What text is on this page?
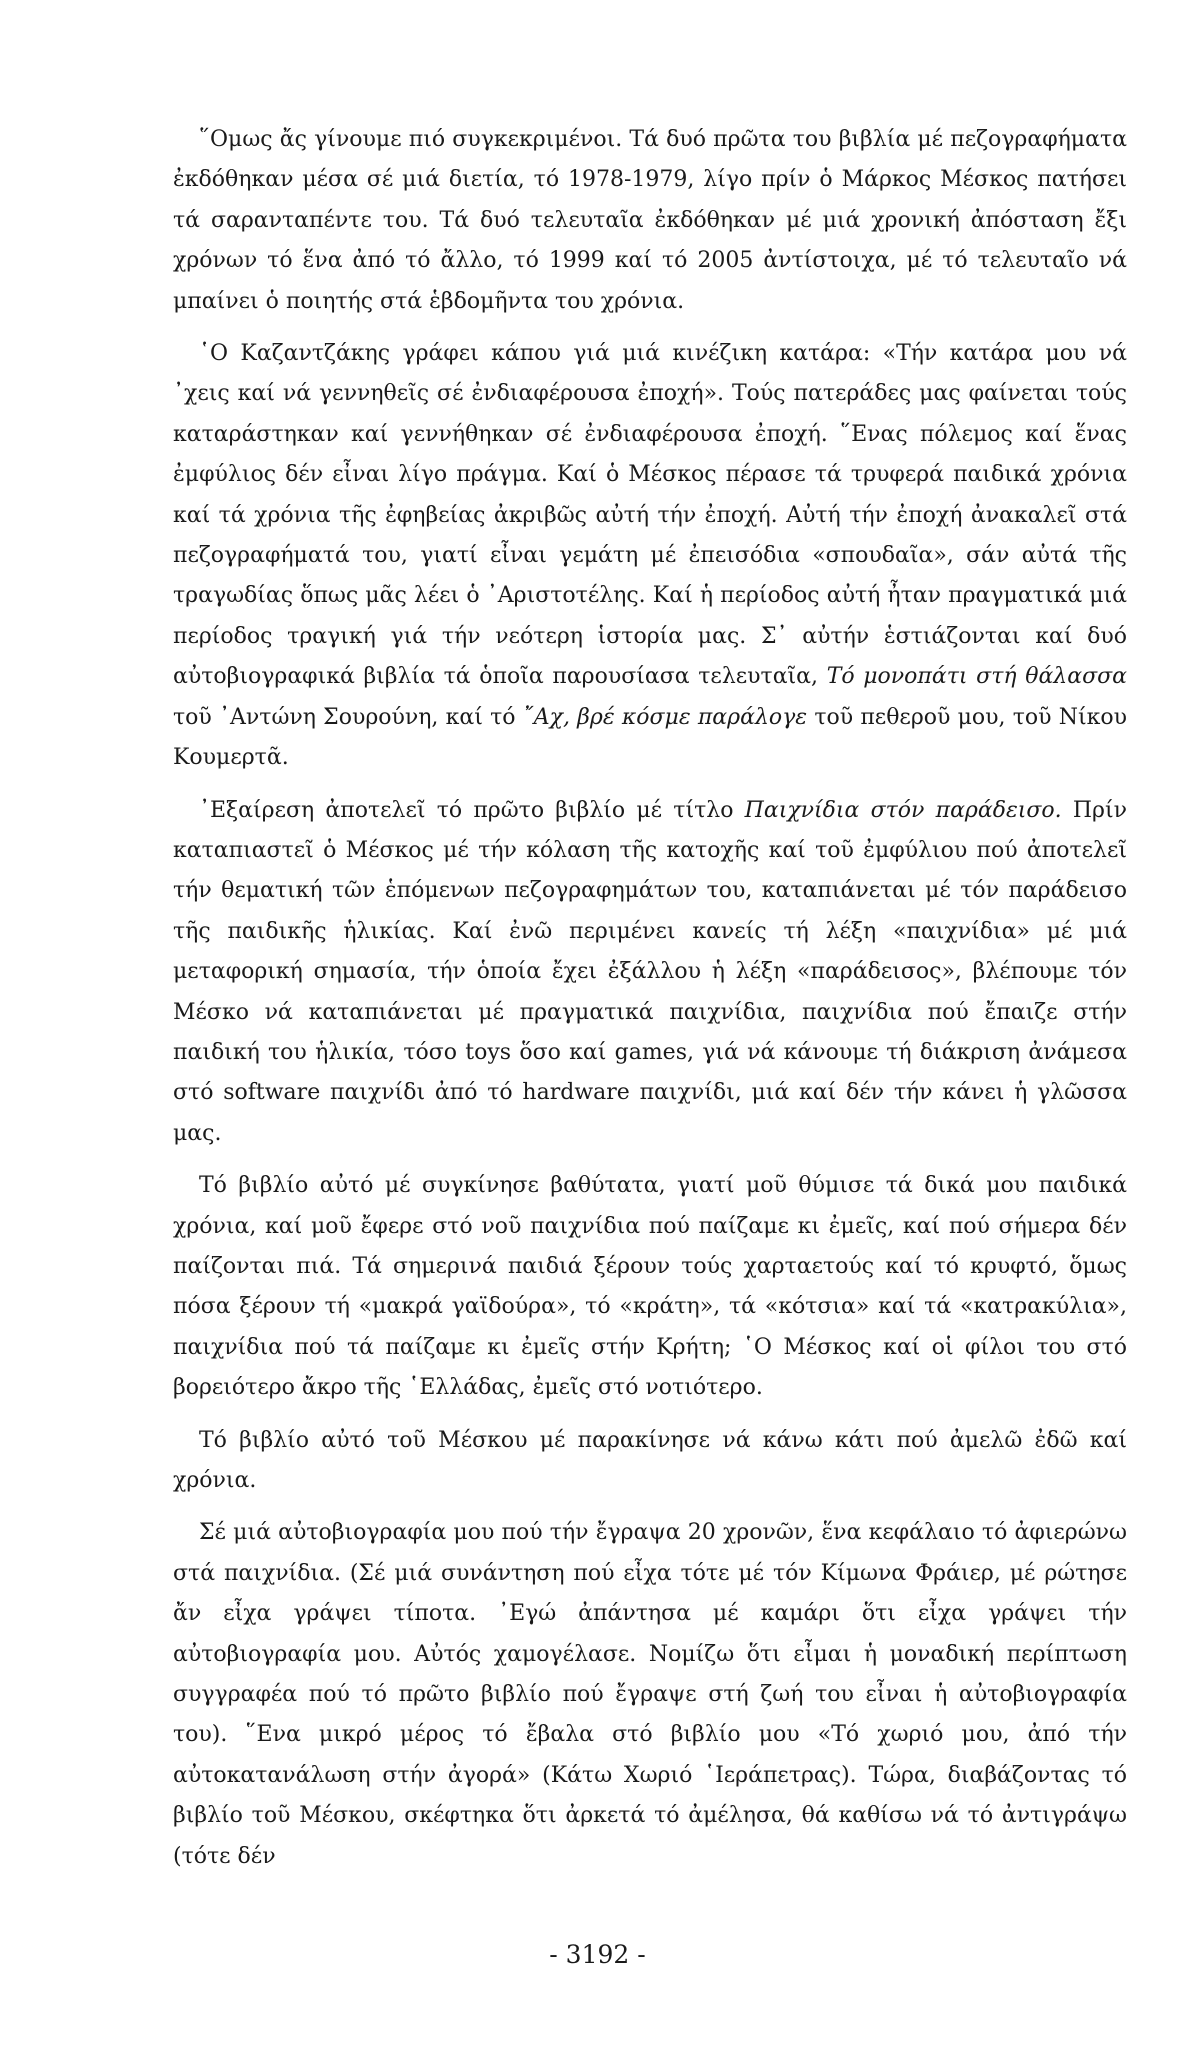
῞Ομως ἄς γίνουμε πιό συγκεκριμένοι. Τά δυό πρῶτα του βιβλία μέ πεζογραφήματα ἐκδόθηκαν μέσα σέ μιά διετία, τό 1978-1979, λίγο πρίν ὁ Μάρκος Μέσκος πατήσει τά σαρανταπέντε του. Τά δυό τελευταῖα ἐκδόθηκαν μέ μιά χρονική ἀπόσταση ἔξι χρόνων τό ἕνα ἀπό τό ἄλλο, τό 1999 καί τό 2005 ἀντίστοιχα, μέ τό τελευταῖο νά μπαίνει ὁ ποιητής στά ἑβδομῆντα του χρόνια.

῾Ο Καζαντζάκης γράφει κάπου γιά μιά κινέζικη κατάρα: «Τήν κατάρα μου νά ᾽χεις καί νά γεννηθεῖς σέ ἐνδιαφέρουσα ἐποχή». Τούς πατεράδες μας φαίνεται τούς καταράστηκαν καί γεννήθηκαν σέ ἐνδιαφέρουσα ἐποχή. ῞Ενας πόλεμος καί ἕνας ἐμφύλιος δέν εἶναι λίγο πράγμα. Καί ὁ Μέσκος πέρασε τά τρυφερά παιδικά χρόνια καί τά χρόνια τῆς ἐφηβείας ἀκριβῶς αὐτή τήν ἐποχή. Αὐτή τήν ἐποχή ἀνακαλεῖ στά πεζογραφήματά του, γιατί εἶναι γεμάτη μέ ἐπεισόδια «σπουδαῖα», σάν αὐτά τῆς τραγωδίας ὅπως μᾶς λέει ὁ ᾽Αριστοτέλης. Καί ἡ περίοδος αὐτή ἦταν πραγματικά μιά περίοδος τραγική γιά τήν νεότερη ἱστορία μας. Σ᾽ αὐτήν ἑστιάζονται καί δυό αὐτοβιογραφικά βιβλία τά ὁποῖα παρουσίασα τελευταῖα, Τό μονοπάτι στή θάλασσα τοῦ ᾽Αντώνη Σουρούνη, καί τό ῎Αχ, βρέ κόσμε παράλογε τοῦ πεθεροῦ μου, τοῦ Νίκου Κουμερτᾶ.

᾽Εξαίρεση ἀποτελεῖ τό πρῶτο βιβλίο μέ τίτλο Παιχνίδια στόν παράδεισο. Πρίν καταπιαστεῖ ὁ Μέσκος μέ τήν κόλαση τῆς κατοχῆς καί τοῦ ἐμφύλιου πού ἀποτελεῖ τήν θεματική τῶν ἑπόμενων πεζογραφημάτων του, καταπιάνεται μέ τόν παράδεισο τῆς παιδικῆς ἡλικίας. Καί ἐνῶ περιμένει κανείς τή λέξη «παιχνίδια» μέ μιά μεταφορική σημασία, τήν ὁποία ἔχει ἐξάλλου ἡ λέξη «παράδεισος», βλέπουμε τόν Μέσκο νά καταπιάνεται μέ πραγματικά παιχνίδια, παιχνίδια πού ἔπαιζε στήν παιδική του ἡλικία, τόσο toys ὅσο καί games, γιά νά κάνουμε τή διάκριση ἀνάμεσα στό software παιχνίδι ἀπό τό hardware παιχνίδι, μιά καί δέν τήν κάνει ἡ γλῶσσα μας.

Τό βιβλίο αὐτό μέ συγκίνησε βαθύτατα, γιατί μοῦ θύμισε τά δικά μου παιδικά χρόνια, καί μοῦ ἔφερε στό νοῦ παιχνίδια πού παίζαμε κι ἐμεῖς, καί πού σήμερα δέν παίζονται πιά. Τά σημερινά παιδιά ξέρουν τούς χαρταετούς καί τό κρυφτό, ὅμως πόσα ξέρουν τή «μακρά γαϊδούρα», τό «κράτη», τά «κότσια» καί τά «κατρακύλια», παιχνίδια πού τά παίζαμε κι ἐμεῖς στήν Κρήτη; ῾Ο Μέσκος καί οἱ φίλοι του στό βορειότερο ἄκρο τῆς ῾Ελλάδας, ἐμεῖς στό νοτιότερο.

Τό βιβλίο αὐτό τοῦ Μέσκου μέ παρακίνησε νά κάνω κάτι πού ἀμελῶ ἐδῶ καί χρόνια.

Σέ μιά αὐτοβιογραφία μου πού τήν ἔγραψα 20 χρονῶν, ἕνα κεφάλαιο τό ἀφιερώνω στά παιχνίδια. (Σέ μιά συνάντηση πού εἶχα τότε μέ τόν Κίμωνα Φράιερ, μέ ρώτησε ἄν εἶχα γράψει τίποτα. ᾽Εγώ ἀπάντησα μέ καμάρι ὅτι εἶχα γράψει τήν αὐτοβιογραφία μου. Αὐτός χαμογέλασε. Νομίζω ὅτι εἶμαι ἡ μοναδική περίπτωση συγγραφέα πού τό πρῶτο βιβλίο πού ἔγραψε στή ζωή του εἶναι ἡ αὐτοβιογραφία του). ῞Ενα μικρό μέρος τό ἔβαλα στό βιβλίο μου «Τό χωριό μου, ἀπό τήν αὐτοκατανάλωση στήν ἀγορά» (Κάτω Χωριό ῾Ιεράπετρας). Τώρα, διαβάζοντας τό βιβλίο τοῦ Μέσκου, σκέφτηκα ὅτι ἀρκετά τό ἀμέλησα, θά καθίσω νά τό ἀντιγράψω (τότε δέν

- 3192 -
